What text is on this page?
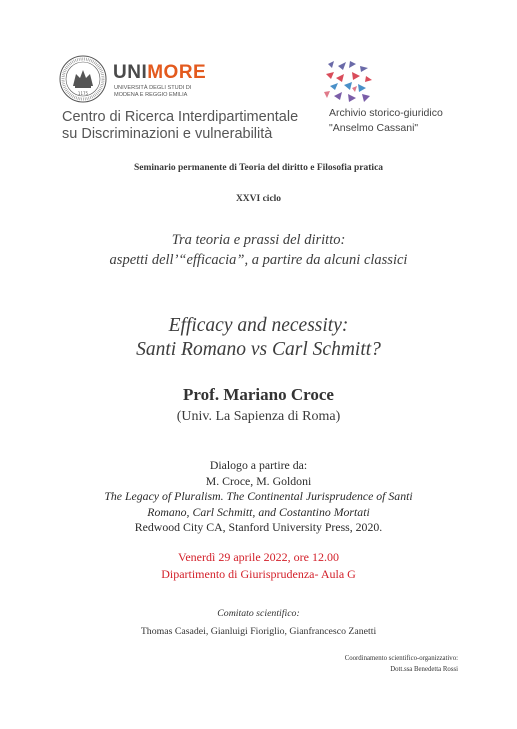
1175
UNIMORE
UNIVERSITÀ DEGLI STUDI DI
MODENA E REGGIO EMILIA
Centro di Ricerca Interdipartimentale
su Discriminazioni e vulnerabilità
Archivio storico-giuridico
"Anselmo Cassani"
Seminario permanente di Teoria del diritto e Filosofia pratica
XXVI ciclo
Tra teoria e prassi del diritto:
aspetti dell’“efficacia”, a partire da alcuni classici
Efficacy and necessity:
Santi Romano vs Carl Schmitt?
Prof. Mariano Croce
(Univ. La Sapienza di Roma)
Dialogo a partire da:
M. Croce, M. Goldoni
The Legacy of Pluralism. The Continental Jurisprudence of Santi
Romano, Carl Schmitt, and Costantino Mortati
Redwood City CA, Stanford University Press, 2020.
Venerdì 29 aprile 2022, ore 12.00
Dipartimento di Giurisprudenza- Aula G
Comitato scientifico:
Thomas Casadei, Gianluigi Fioriglio, Gianfrancesco Zanetti
Coordinamento scientifico-organizzativo:
Dott.ssa Benedetta Rossi
